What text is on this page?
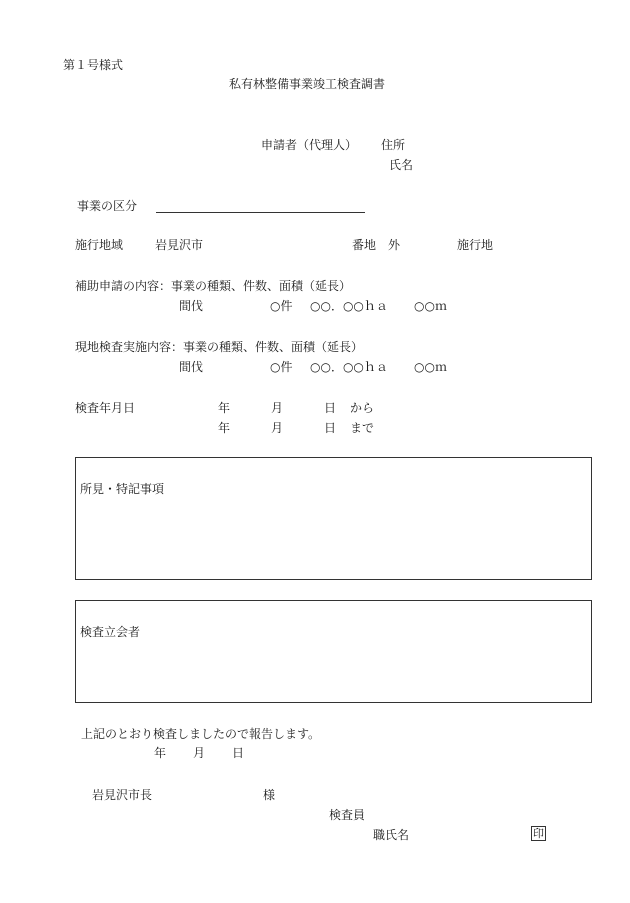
第１号様式
私有林整備事業竣工検査調書
申請者（代理人） 住所
氏名
事業の区分
施行地域	岩見沢市	番地　外	施行地
補助申請の内容：事業の種類、件数、面積（延長）
間伐	○件 ○○．○○ｈａ ○○ｍ
現地検査実施内容：事業の種類、件数、面積（延長）
間伐	○件 ○○．○○ｈａ ○○ｍ
検査年月日	年	月	日 から
年	月	日 まで
所見・特記事項
検査立会者
上記のとおり検査しましたので報告します。
年 月 日
岩見沢市長	様
検査員
職氏名	印
